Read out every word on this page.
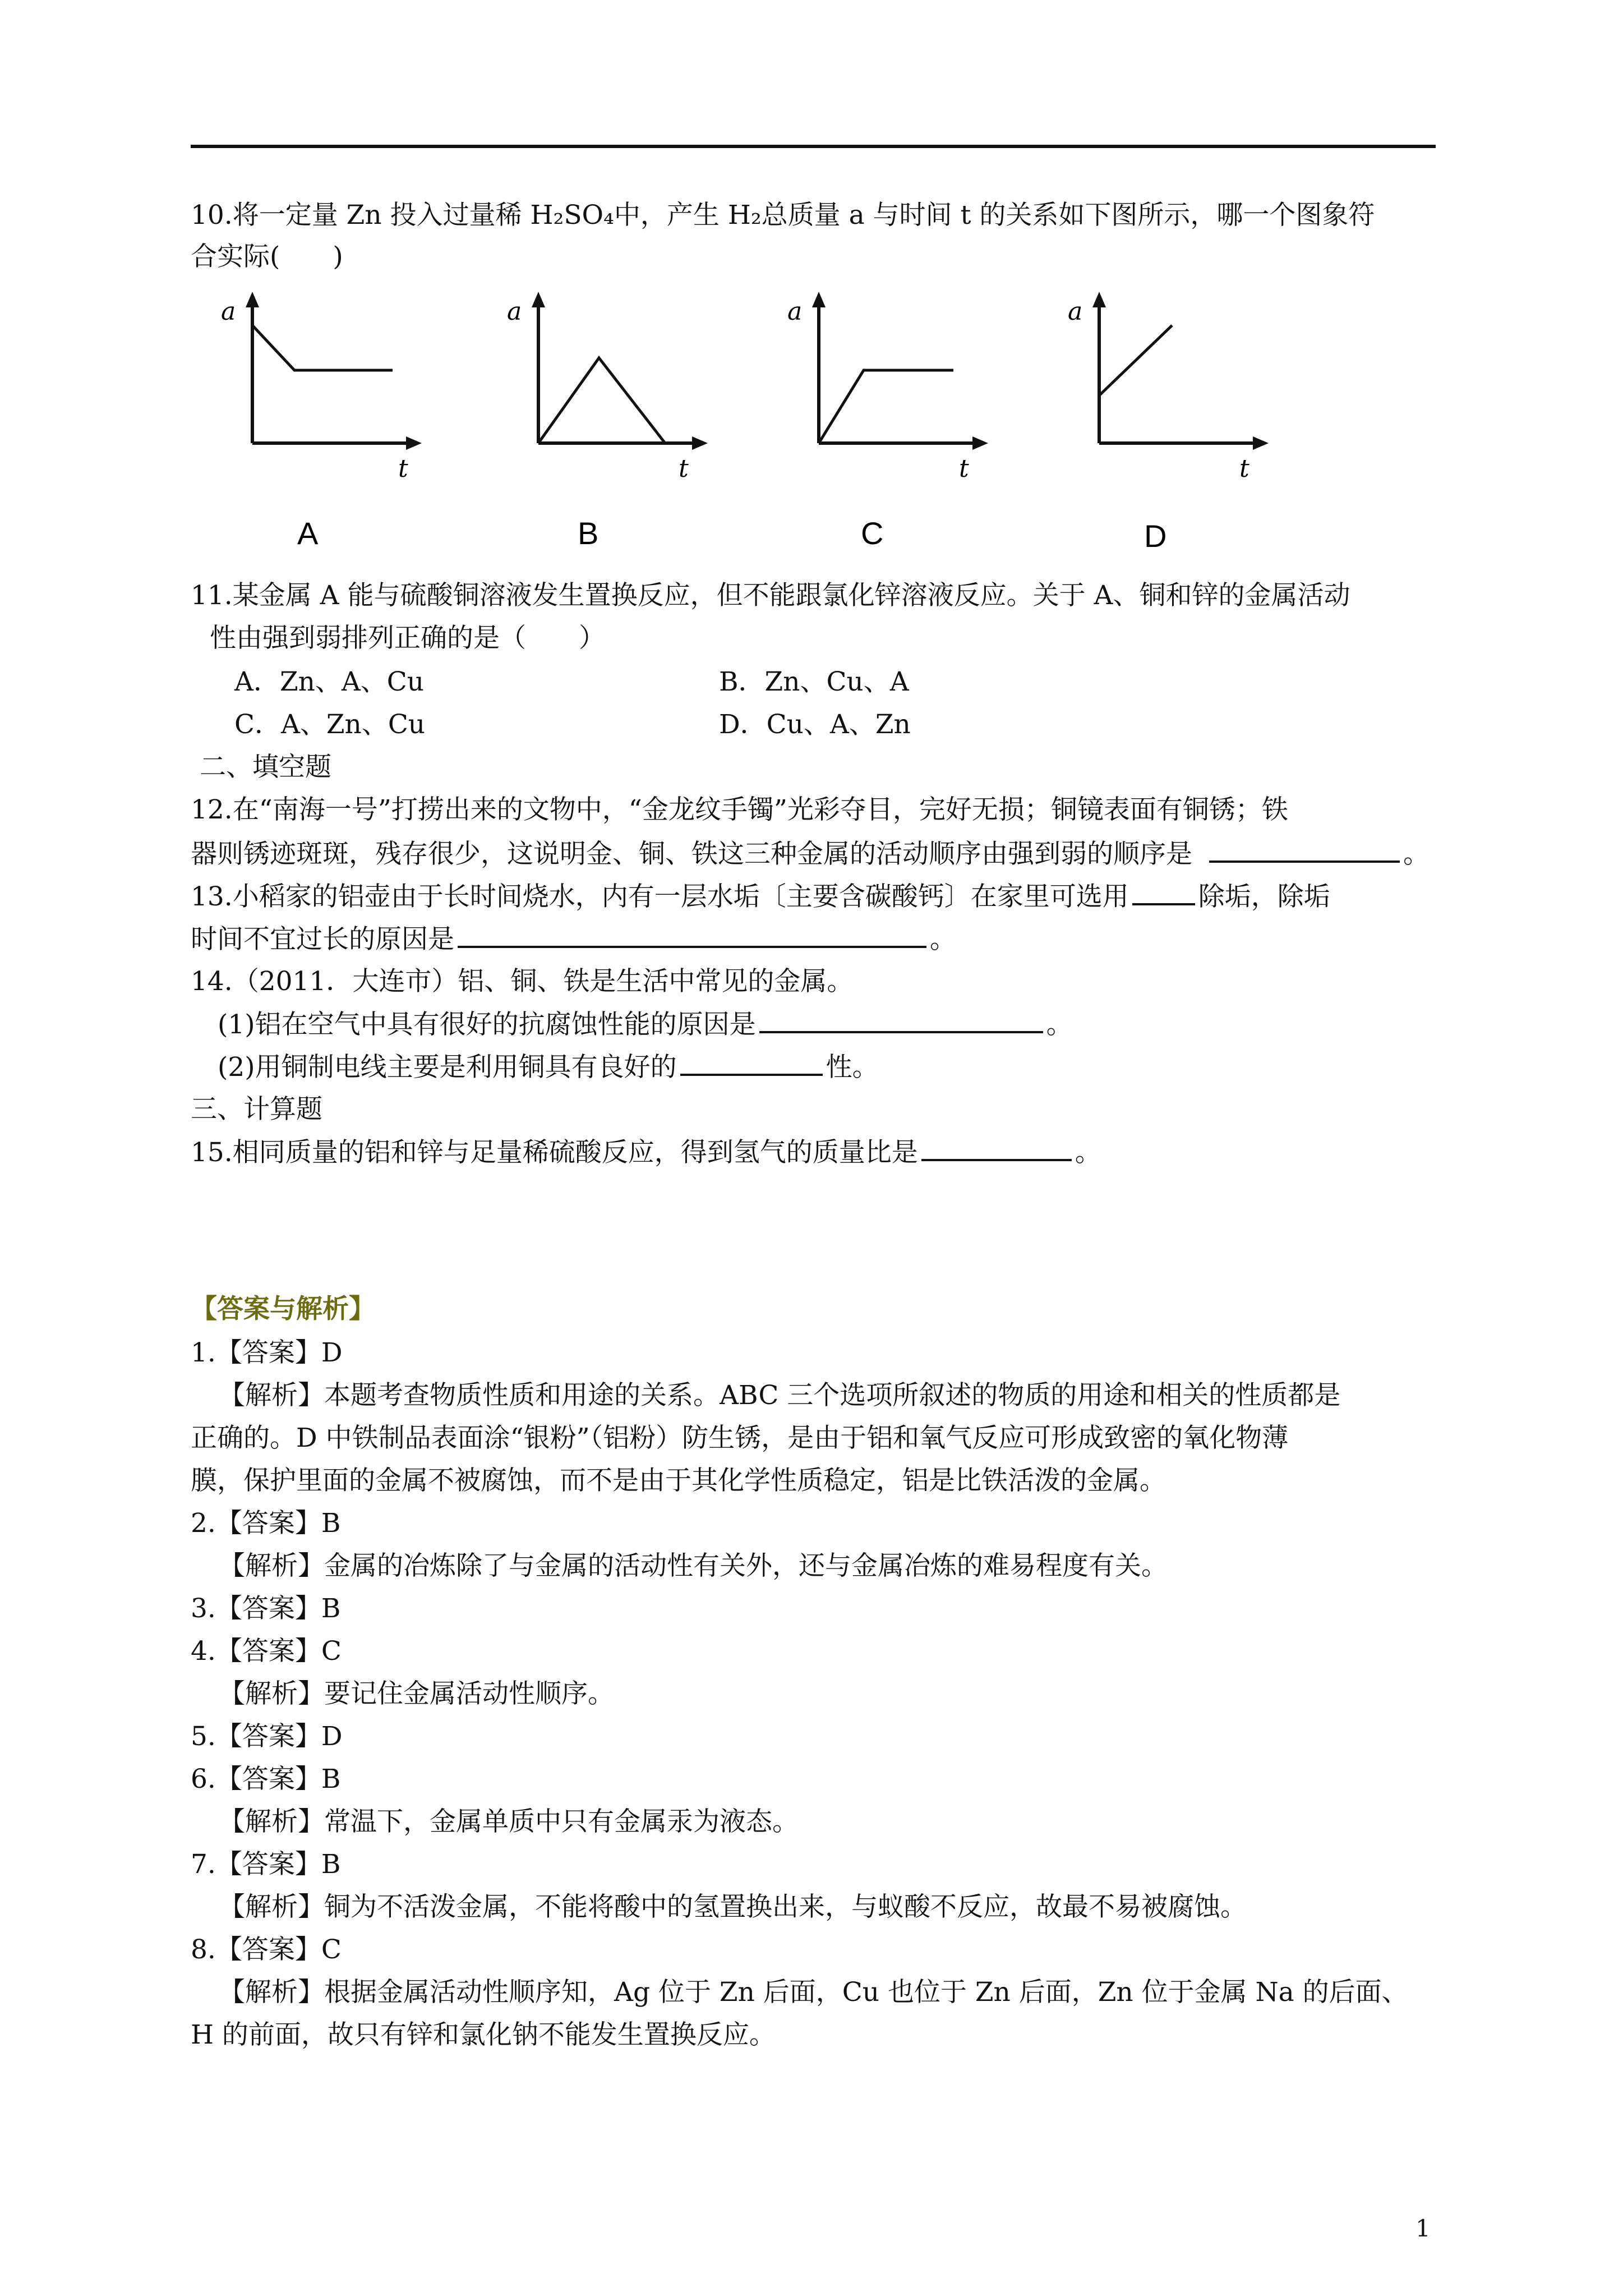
10.将一定量 Zn 投入过量稀 H₂SO₄中，产生 H₂总质量 a 与时间 t 的关系如下图所示，哪一个图象符
合实际(　　)
a
t
A
a
t
B
a
t
C
a
t
D
11.某金属 A 能与硫酸铜溶液发生置换反应，但不能跟氯化锌溶液反应。关于 A、铜和锌的金属活动
性由强到弱排列正确的是（　　）
A．Zn、A、Cu	B．Zn、Cu、A
C．A、Zn、Cu	D．Cu、A、Zn
二、填空题
12.在“南海一号”打捞出来的文物中，“金龙纹手镯”光彩夺目，完好无损；铜镜表面有铜锈；铁
器则锈迹斑斑，残存很少，这说明金、铜、铁这三种金属的活动顺序由强到弱的顺序是	。
13.小稻家的铝壶由于长时间烧水，内有一层水垢〔主要含碳酸钙〕在家里可选用	除垢，除垢
时间不宜过长的原因是	。
14.（2011．大连市）铝、铜、铁是生活中常见的金属。
(1)铝在空气中具有很好的抗腐蚀性能的原因是	。
(2)用铜制电线主要是利用铜具有良好的	性。
三、计算题
15.相同质量的铝和锌与足量稀硫酸反应，得到氢气的质量比是	。
【答案与解析】
1.【答案】D
【解析】本题考查物质性质和用途的关系。ABC 三个选项所叙述的物质的用途和相关的性质都是
正确的。D 中铁制品表面涂“银粉”（铝粉）防生锈，是由于铝和氧气反应可形成致密的氧化物薄
膜，保护里面的金属不被腐蚀，而不是由于其化学性质稳定，铝是比铁活泼的金属。
2.【答案】B
【解析】金属的冶炼除了与金属的活动性有关外，还与金属冶炼的难易程度有关。
3.【答案】B
4.【答案】C
【解析】要记住金属活动性顺序。
5.【答案】D
6.【答案】B
【解析】常温下，金属单质中只有金属汞为液态。
7.【答案】B
【解析】铜为不活泼金属，不能将酸中的氢置换出来，与蚁酸不反应，故最不易被腐蚀。
8.【答案】C
【解析】根据金属活动性顺序知，Ag 位于 Zn 后面，Cu 也位于 Zn 后面，Zn 位于金属 Na 的后面、
H 的前面，故只有锌和氯化钠不能发生置换反应。
1
